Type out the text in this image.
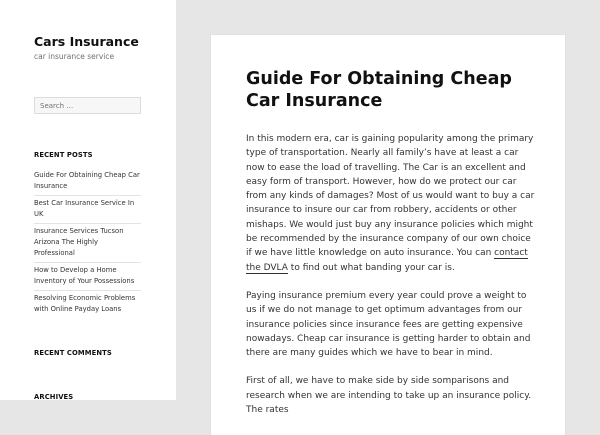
Cars Insurance
car insurance service
Search …
RECENT POSTS
Guide For Obtaining Cheap Car Insurance
Best Car Insurance Service In UK
Insurance Services Tucson Arizona The Highly Professional
How to Develop a Home Inventory of Your Possessions
Resolving Economic Problems with Online Payday Loans
RECENT COMMENTS
ARCHIVES
Guide For Obtaining Cheap Car Insurance

In this modern era, car is gaining popularity among the primary type of transportation. Nearly all family’s have at least a car now to ease the load of travelling. The Car is an excellent and easy form of transport. However, how do we protect our car from any kinds of damages? Most of us would want to buy a car insurance to insure our car from robbery, accidents or other mishaps. We would just buy any insurance policies which might be recommended by the insurance company of our own choice if we have little knowledge on auto insurance. You can contact the DVLA to find out what banding your car is.

Paying insurance premium every year could prove a weight to us if we do not manage to get optimum advantages from our insurance policies since insurance fees are getting expensive nowadays. Cheap car insurance is getting harder to obtain and there are many guides which we have to bear in mind.

First of all, we have to make side by side somparisons and research when we are intending to take up an insurance policy. The rates
